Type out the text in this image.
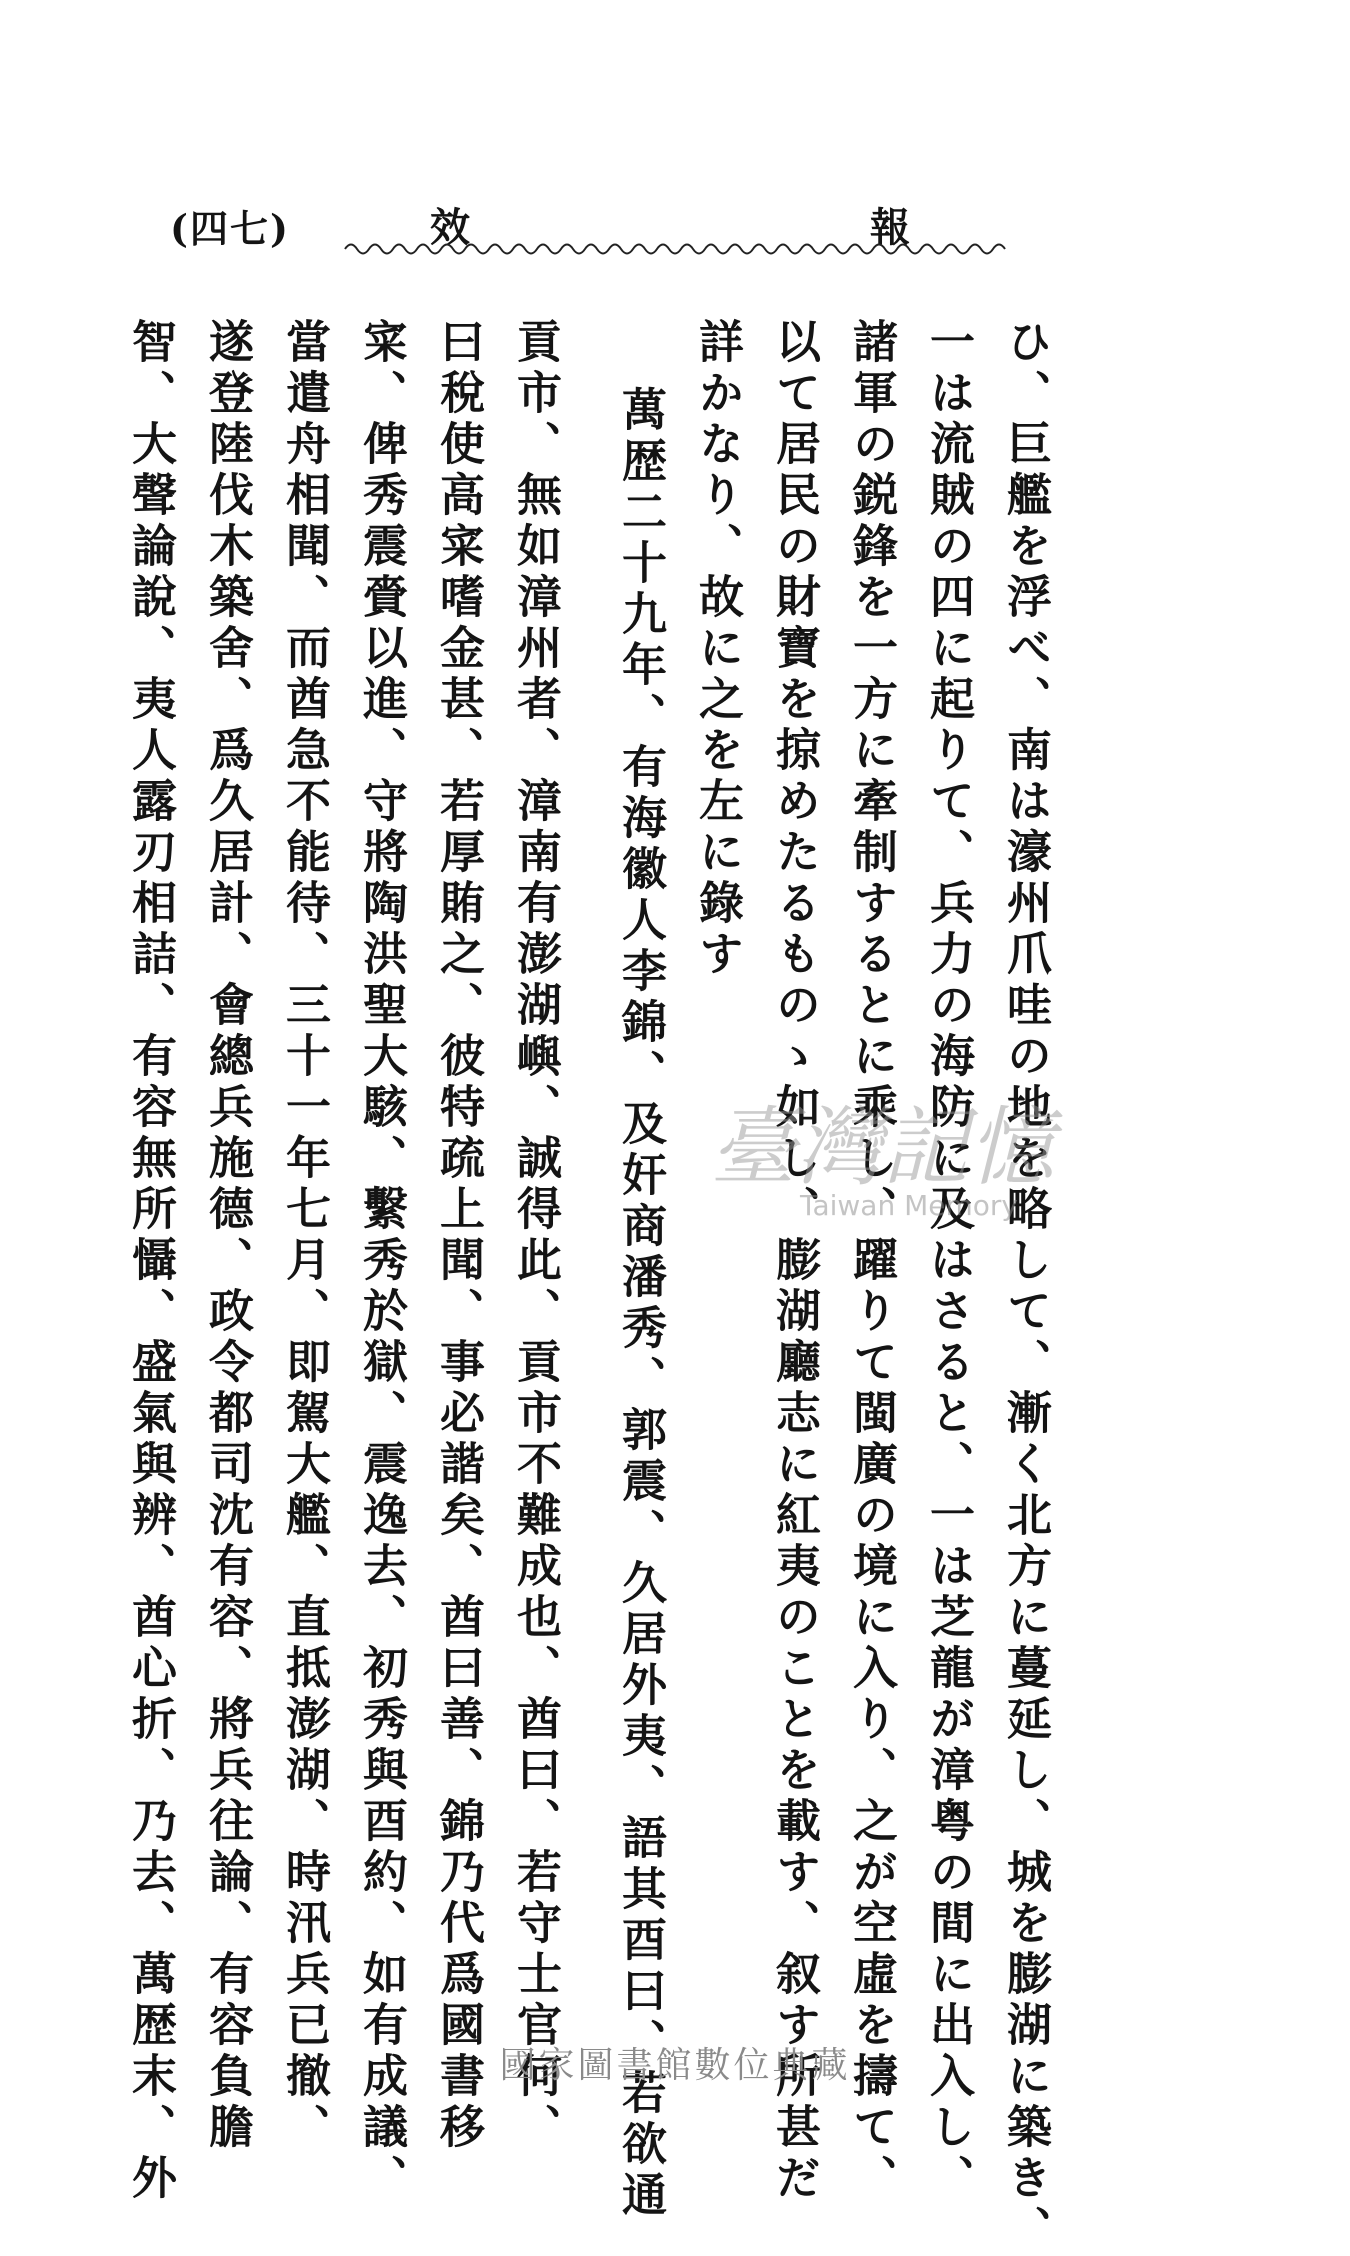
(四七)	效	報
ひ、巨艦を浮べ、南は濠州爪哇の地を略して、漸く北方に蔓延し、城を膨湖に築き、
一は流賊の四に起りて、兵力の海防に及はさると、一は芝龍が漳粤の間に出入し、
諸軍の鋭鋒を一方に牽制するとに乘し、躍りて閩廣の境に入り、之が空虛を擣て、
以て居民の財寶を掠めたるものゝ如し、膨湖廳志に紅夷のことを載す、叙す所甚だ
詳かなり、故に之を左に錄す
萬歴二十九年、有海徽人李錦、及奸商潘秀、郭震、久居外夷、語其酉曰、若欲通
貢市、無如漳州者、漳南有澎湖嶼、誠得此、貢市不難成也、酋曰、若守士官何、
曰稅使高寀嗜金甚、若厚賄之、彼特疏上聞、事必諧矣、酋曰善、錦乃代爲國書移
寀、俾秀震賫以進、守將陶洪聖大駭、繫秀於獄、震逸去、初秀與酉約、如有成議、
當遣舟相聞、而酋急不能待、三十一年七月、即駕大艦、直抵澎湖、時汛兵已撤、
遂登陸伐木築舍、爲久居計、會總兵施德、政令都司沈有容、將兵往論、有容負膽
智、大聲論說、夷人露刃相詰、有容無所懾、盛氣與辨、酋心折、乃去、萬歴末、外	臺灣記憶
Taiwan Memory
國家圖書館數位典藏
